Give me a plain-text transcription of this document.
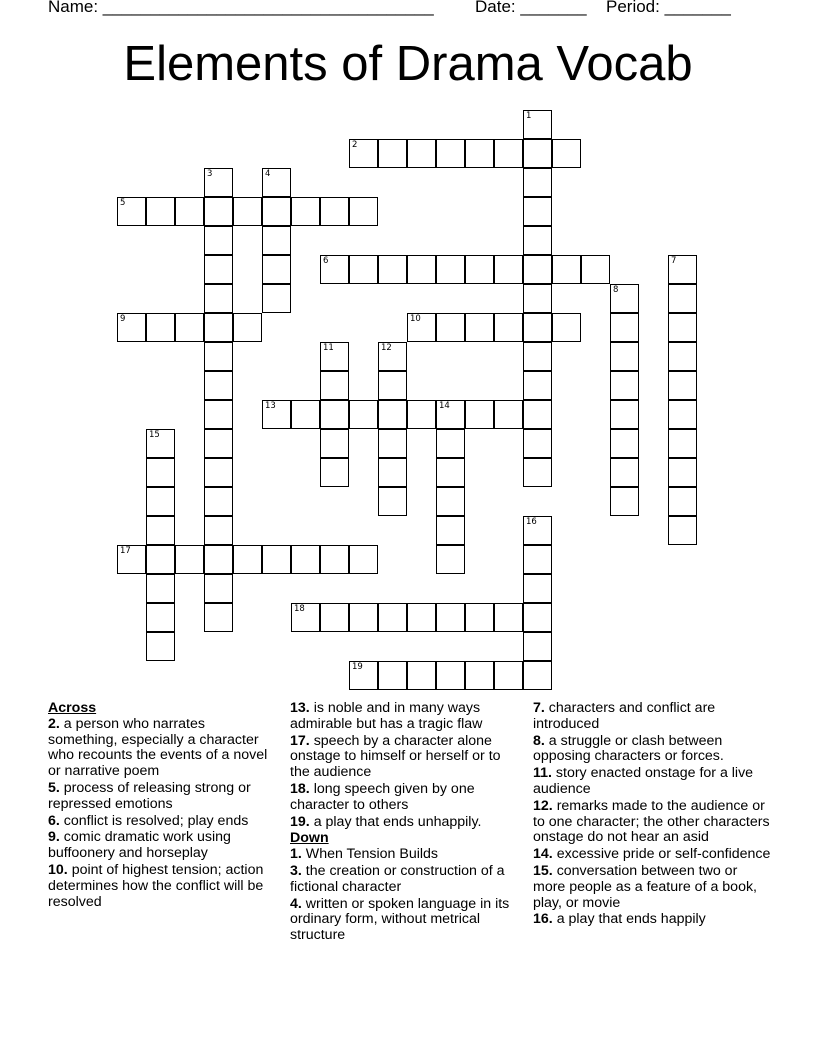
Name: ___________________________________ Date: _______ Period: _______
Elements of Drama Vocab
1
2
3	4
5
6	7
8
9	10
11	12
13	14
15
16
17
18
19
Across
2. a person who narrates something, especially a character who recounts the events of a novel or narrative poem
5. process of releasing strong or repressed emotions
6. conflict is resolved; play ends
9. comic dramatic work using buffoonery and horseplay
10. point of highest tension; action determines how the conflict will be resolved
13. is noble and in many ways admirable but has a tragic flaw
17. speech by a character alone onstage to himself or herself or to the audience
18. long speech given by one character to others
19. a play that ends unhappily.
Down
1. When Tension Builds
3. the creation or construction of a fictional character
4. written or spoken language in its ordinary form, without metrical structure
7. characters and conflict are introduced
8. a struggle or clash between opposing characters or forces.
11. story enacted onstage for a live audience
12. remarks made to the audience or to one character; the other characters onstage do not hear an asid
14. excessive pride or self-confidence
15. conversation between two or more people as a feature of a book, play, or movie
16. a play that ends happily
